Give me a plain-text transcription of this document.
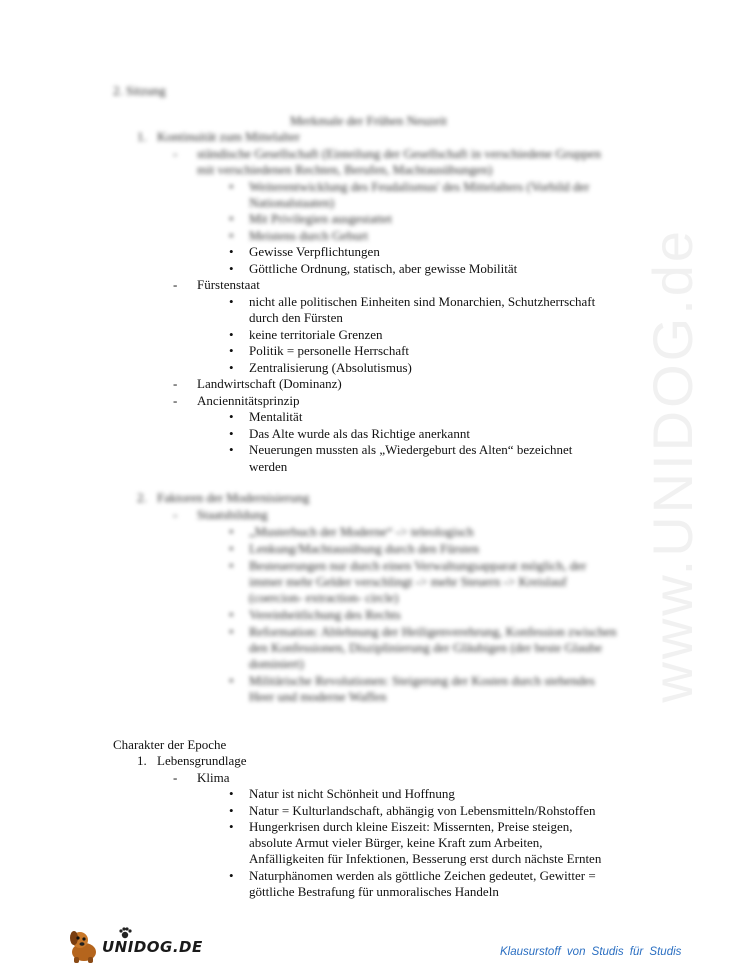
www.UNIDOG.de
2. Sitzung
Merkmale der Frühen Neuzeit
1. Kontinuität zum Mittelalter
- ständische Gesellschaft (Einteilung der Gesellschaft in verschiedene Gruppen
mit verschiedenen Rechten, Berufen, Machtausübungen)
• Weiterentwicklung des Feudalismus' des Mittelalters (Vorbild der
Nationalstaaten)
• Mit Privilegien ausgestattet
• Meistens durch Geburt
• Gewisse Verpflichtungen
• Göttliche Ordnung, statisch, aber gewisse Mobilität
- Fürstenstaat
• nicht alle politischen Einheiten sind Monarchien, Schutzherrschaft
durch den Fürsten
• keine territoriale Grenzen
• Politik = personelle Herrschaft
• Zentralisierung (Absolutismus)
- Landwirtschaft (Dominanz)
- Anciennitätsprinzip
• Mentalität
• Das Alte wurde als das Richtige anerkannt
• Neuerungen mussten als „Wiedergeburt des Alten“ bezeichnet
werden
2. Faktoren der Modernisierung
- Staatsbildung
• „Musterbuch der Moderne“ -> teleologisch
• Lenkung/Machtausübung durch den Fürsten
• Besteuerungen nur durch einen Verwaltungsapparat möglich, der
immer mehr Gelder verschlingt -> mehr Steuern -> Kreislauf
(coercion- extraction- circle)
• Vereinheitlichung des Rechts
• Reformation: Ablehnung der Heiligenverehrung, Konfession zwischen
den Konfessionen, Disziplinierung der Gläubigen (der beste Glaube
dominiert)
• Militärische Revolutionen: Steigerung der Kosten durch stehendes
Heer und moderne Waffen
Charakter der Epoche
1. Lebensgrundlage
- Klima
• Natur ist nicht Schönheit und Hoffnung
• Natur = Kulturlandschaft, abhängig von Lebensmitteln/Rohstoffen
• Hungerkrisen durch kleine Eiszeit: Missernten, Preise steigen,
absolute Armut vieler Bürger, keine Kraft zum Arbeiten,
Anfälligkeiten für Infektionen, Besserung erst durch nächste Ernten
• Naturphänomen werden als göttliche Zeichen gedeutet, Gewitter =
göttliche Bestrafung für unmoralisches Handeln
UNIDOG.DE	Klausurstoff von Studis für Studis
